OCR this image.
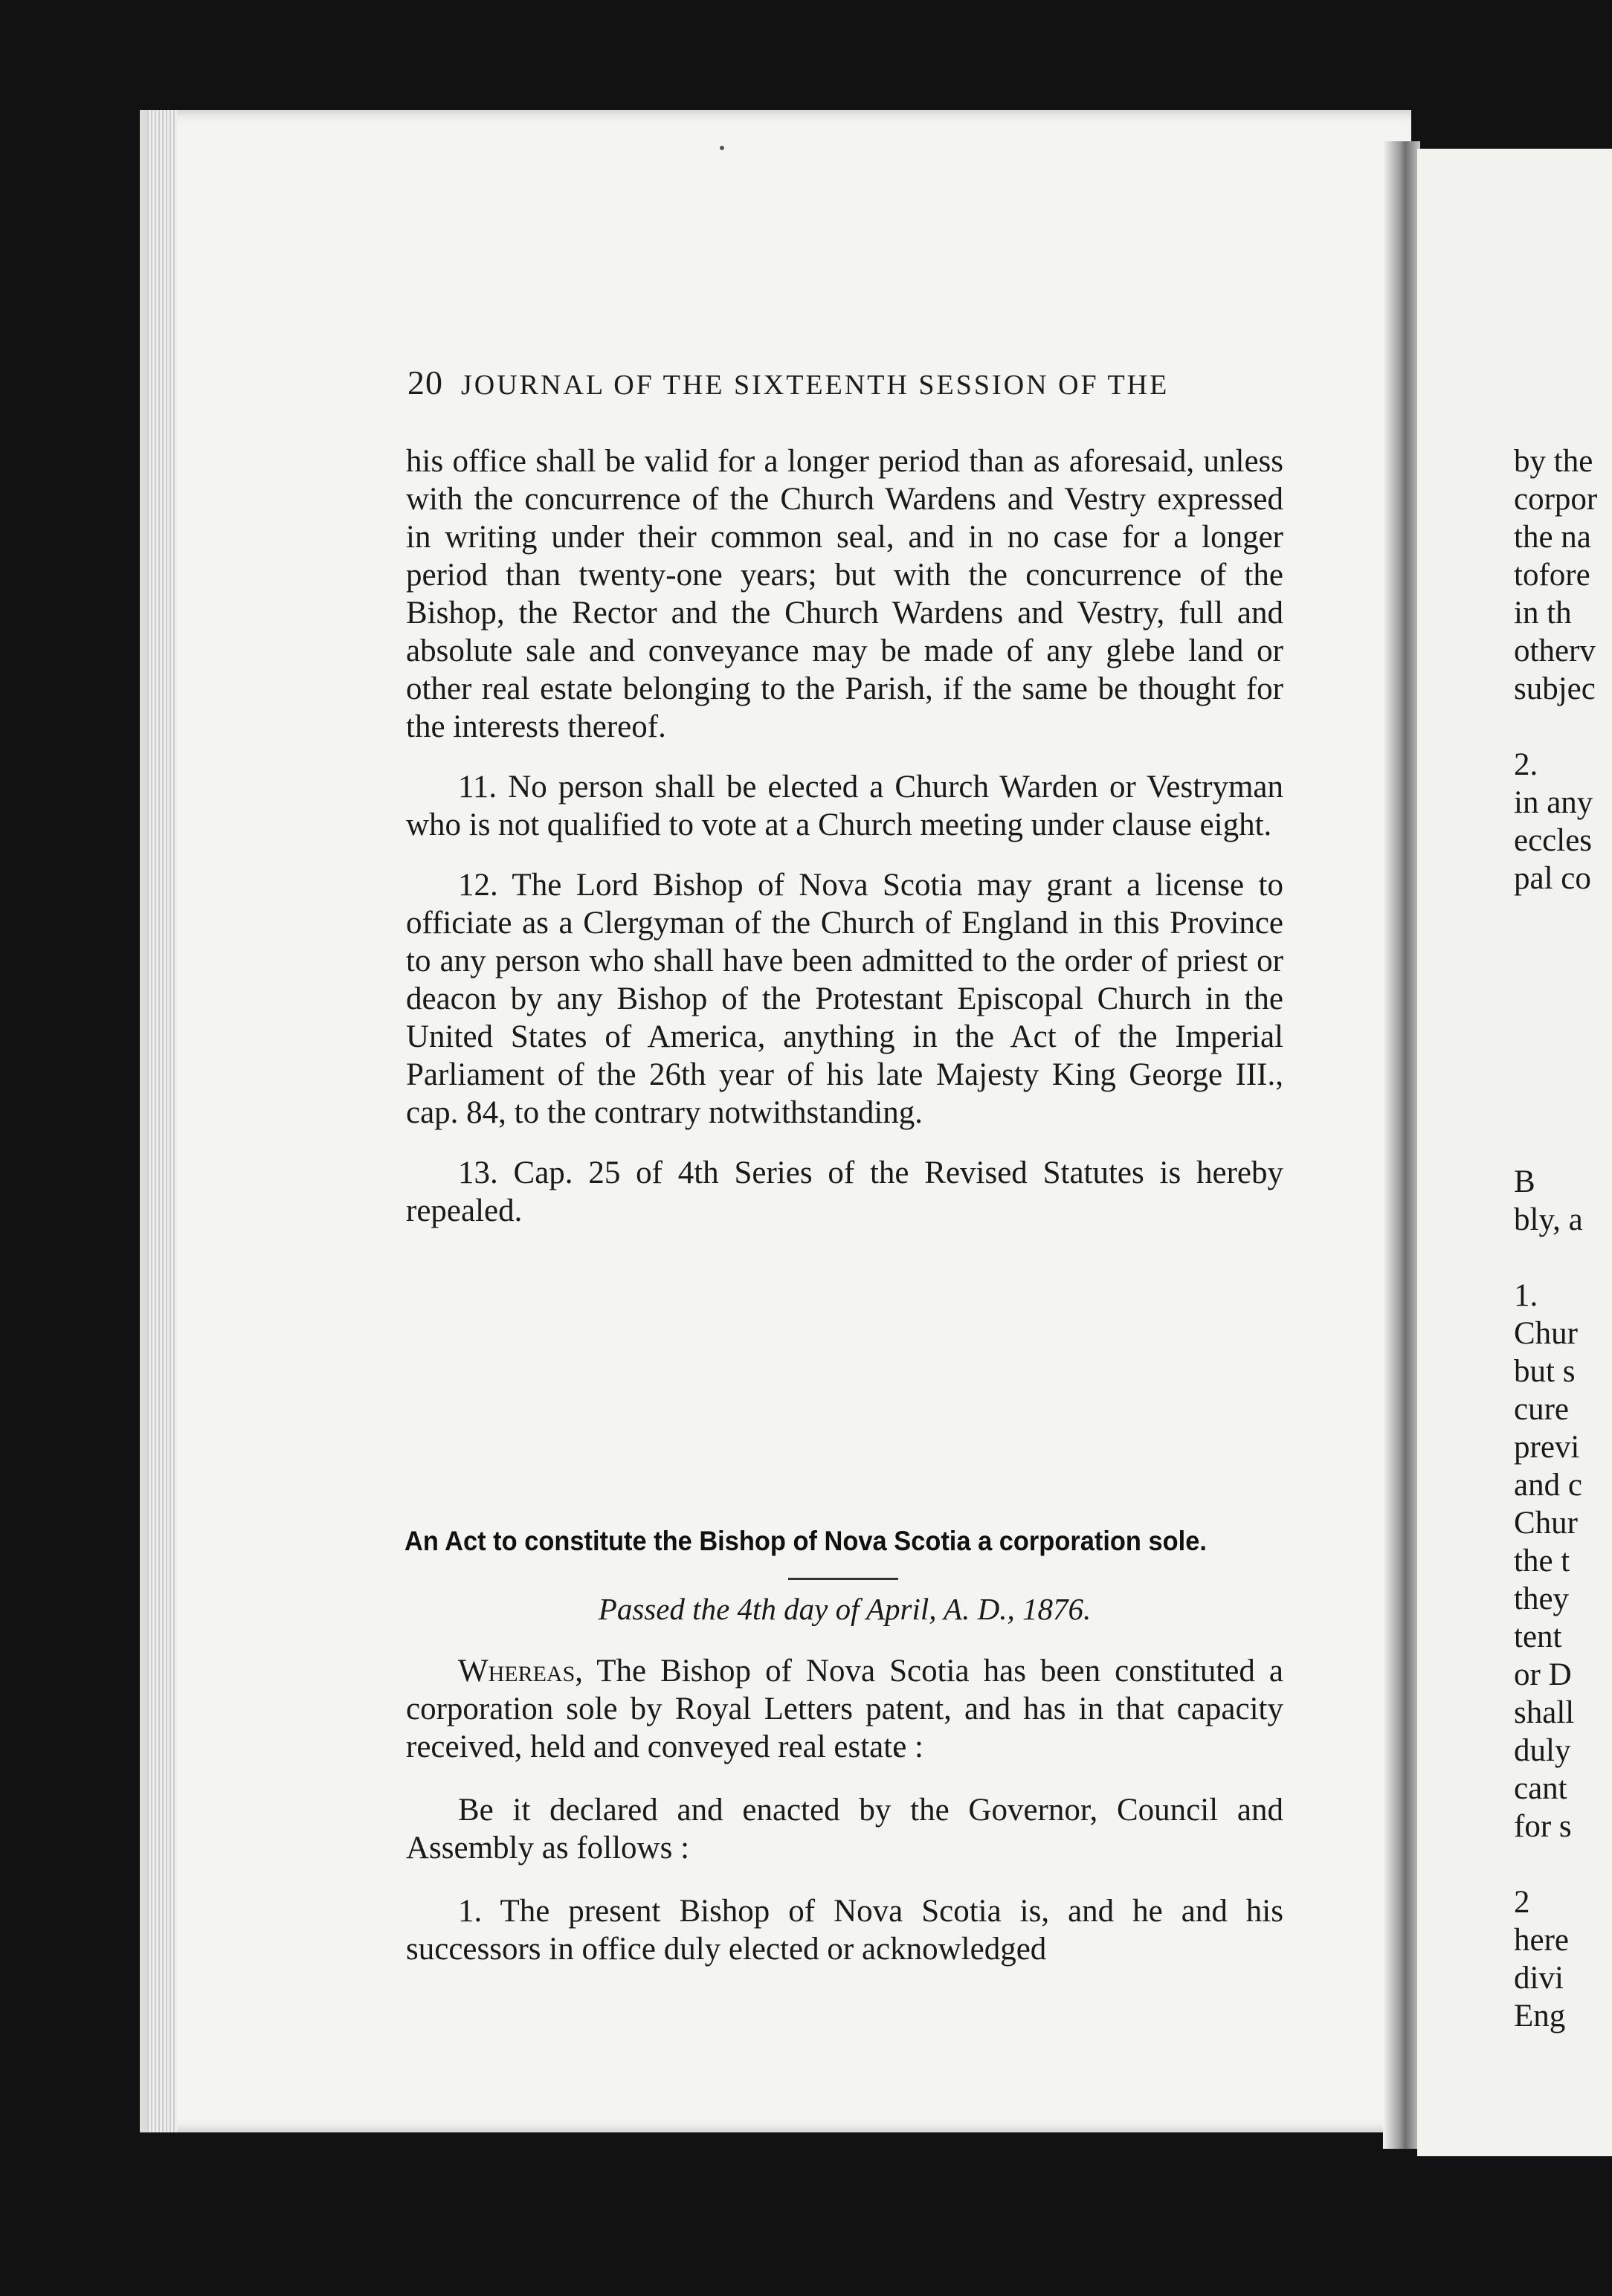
20 JOURNAL OF THE SIXTEENTH SESSION OF THE

his office shall be valid for a longer period than as aforesaid, unless with the concurrence of the Church Wardens and Vestry expressed in writing under their common seal, and in no case for a longer period than twenty-one years; but with the concurrence of the Bishop, the Rector and the Church Wardens and Vestry, full and absolute sale and conveyance may be made of any glebe land or other real estate belonging to the Parish, if the same be thought for the interests thereof.

11. No person shall be elected a Church Warden or Vestryman who is not qualified to vote at a Church meeting under clause eight.

12. The Lord Bishop of Nova Scotia may grant a license to officiate as a Clergyman of the Church of England in this Province to any person who shall have been admitted to the order of priest or deacon by any Bishop of the Protestant Episcopal Church in the United States of America, anything in the Act of the Imperial Parliament of the 26th year of his late Majesty King George III., cap. 84, to the contrary notwithstanding.

13. Cap. 25 of 4th Series of the Revised Statutes is hereby repealed.

An Act to constitute the Bishop of Nova Scotia a corporation sole.
Passed the 4th day of April, A. D., 1876.

Whereas, The Bishop of Nova Scotia has been constituted a corporation sole by Royal Letters patent, and has in that capacity received, held and conveyed real estate :

Be it declared and enacted by the Governor, Council and Assembly as follows :

1. The present Bishop of Nova Scotia is, and he and his successors in office duly elected or acknowledged

by the
corpor
the na
tofore
in th
otherv
subjec
2.
in any
eccles
pal co
B
bly, a
1.
Chur
but s
cure
previ
and c
Chur
the t
they
tent
or D
shall
duly
cant
for s
2
here
divi
Eng
